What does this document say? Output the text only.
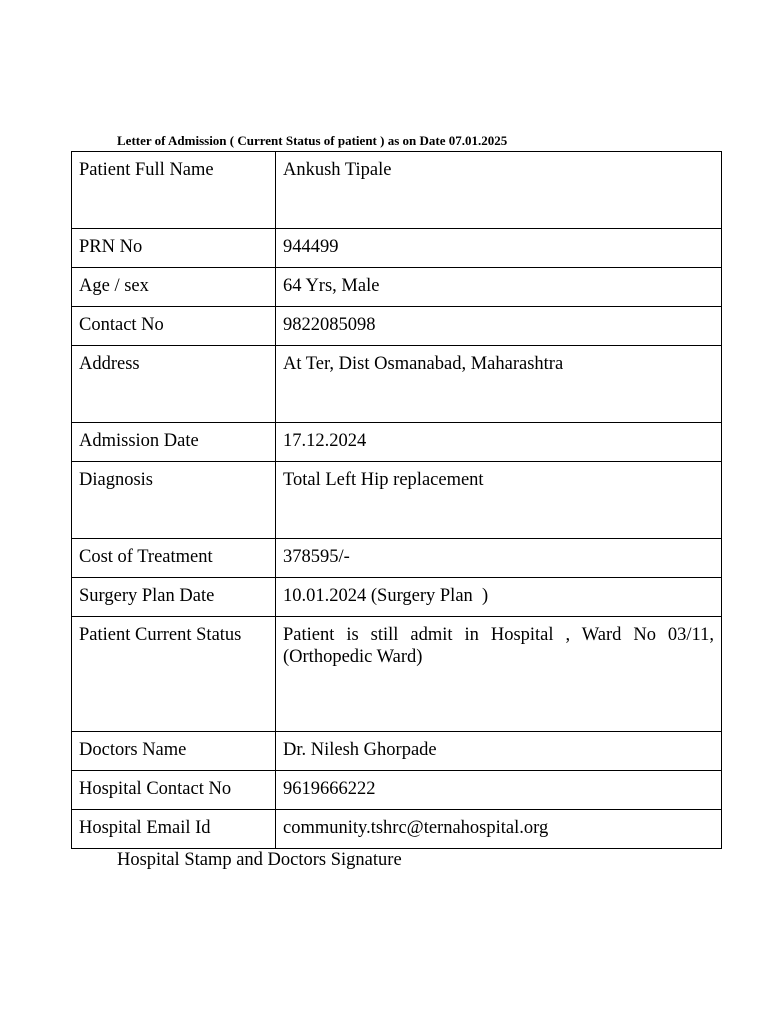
Letter of Admission ( Current Status of patient ) as on Date 07.01.2025
Patient Full Name	Ankush Tipale
PRN No	944499
Age / sex	64 Yrs, Male
Contact No	9822085098
Address	At Ter, Dist Osmanabad, Maharashtra
Admission Date	17.12.2024
Diagnosis	Total Left Hip replacement
Cost of Treatment	378595/-
Surgery Plan Date	10.01.2024 (Surgery Plan  )
Patient Current Status	Patient is still admit in Hospital , Ward No 03/11, (Orthopedic Ward)
Doctors Name	Dr. Nilesh Ghorpade
Hospital Contact No	9619666222
Hospital Email Id	community.tshrc@ternahospital.org
Hospital Stamp and Doctors Signature
